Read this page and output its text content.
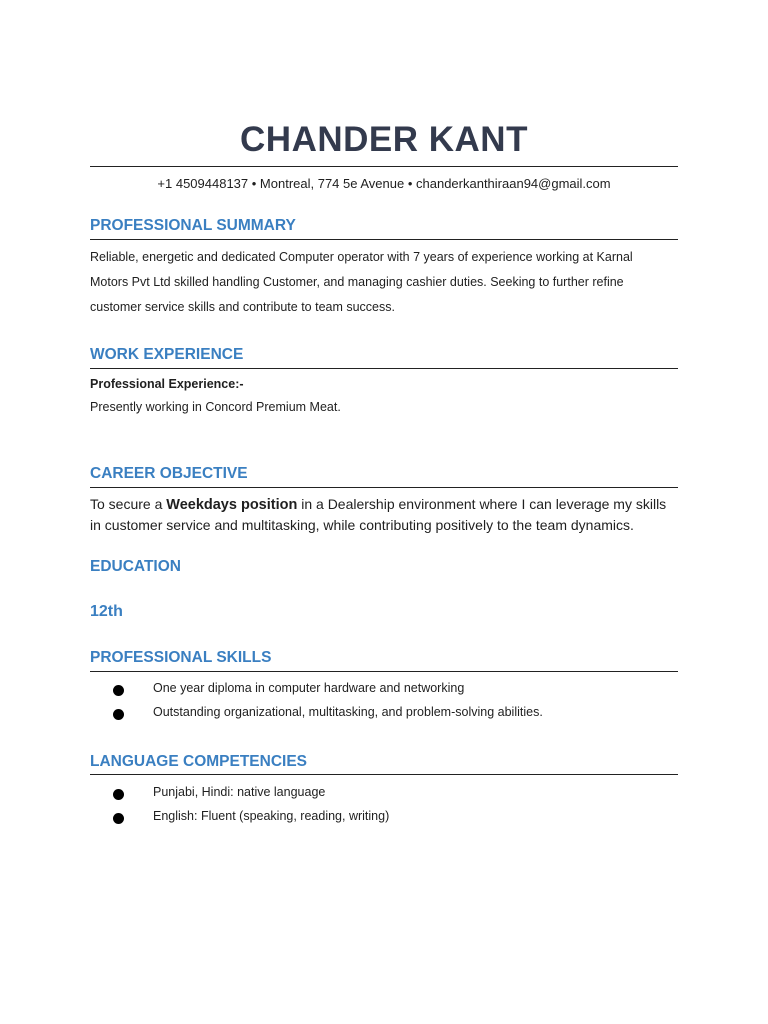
CHANDER KANT
+1 4509448137 • Montreal, 774 5e Avenue • chanderkanthiraan94@gmail.com
PROFESSIONAL SUMMARY
Reliable, energetic and dedicated Computer operator with 7 years of experience working at Karnal
Motors Pvt Ltd skilled handling Customer, and managing cashier duties. Seeking to further refine
customer service skills and contribute to team success.
WORK EXPERIENCE
Professional Experience:-
Presently working in Concord Premium Meat.
CAREER OBJECTIVE
To secure a Weekdays position in a Dealership environment where I can leverage my skills in customer service and multitasking, while contributing positively to the team dynamics.
EDUCATION
12th
PROFESSIONAL SKILLS
One year diploma in computer hardware and networking
Outstanding organizational, multitasking, and problem-solving abilities.
LANGUAGE COMPETENCIES
Punjabi, Hindi: native language
English: Fluent (speaking, reading, writing)
